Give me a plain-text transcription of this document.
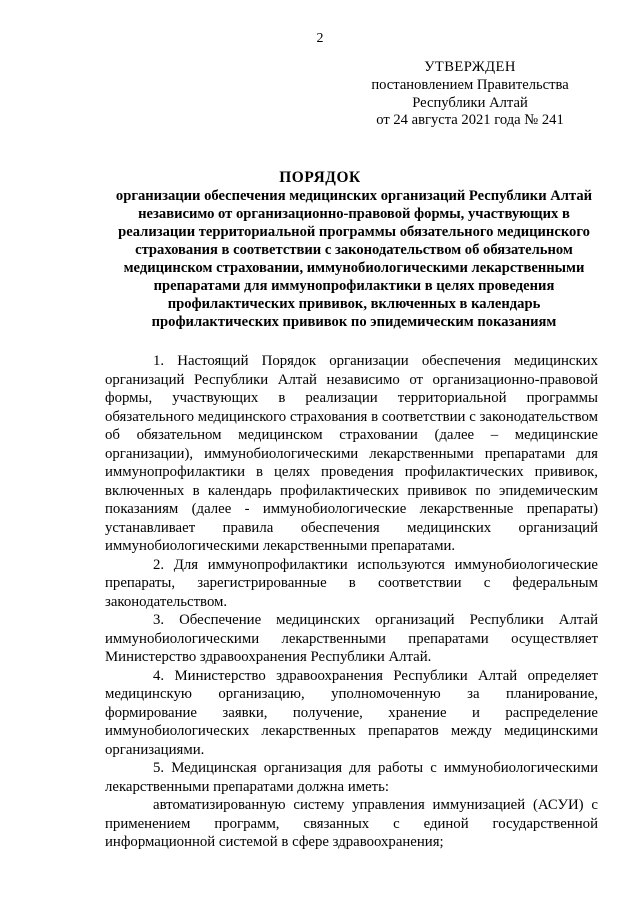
2
УТВЕРЖДЕН
постановлением Правительства
Республики Алтай
от 24 августа 2021 года № 241
ПОРЯДОК
организации обеспечения медицинских организаций Республики Алтай независимо от организационно-правовой формы, участвующих в реализации территориальной программы обязательного медицинского страхования в соответствии с законодательством об обязательном медицинском страховании, иммунобиологическими лекарственными препаратами для иммунопрофилактики в целях проведения профилактических прививок, включенных в календарь профилактических прививок по эпидемическим показаниям

1. Настоящий Порядок организации обеспечения медицинских организаций Республики Алтай независимо от организационно-правовой формы, участвующих в реализации территориальной программы обязательного медицинского страхования в соответствии с законодательством об обязательном медицинском страховании (далее – медицинские организации), иммунобиологическими лекарственными препаратами для иммунопрофилактики в целях проведения профилактических прививок, включенных в календарь профилактических прививок по эпидемическим показаниям (далее - иммунобиологические лекарственные препараты) устанавливает правила обеспечения медицинских организаций иммунобиологическими лекарственными препаратами.

2. Для иммунопрофилактики используются иммунобиологические препараты, зарегистрированные в соответствии с федеральным законодательством.

3. Обеспечение медицинских организаций Республики Алтай иммунобиологическими лекарственными препаратами осуществляет Министерство здравоохранения Республики Алтай.

4. Министерство здравоохранения Республики Алтай определяет медицинскую организацию, уполномоченную за планирование, формирование заявки, получение, хранение и распределение иммунобиологических лекарственных препаратов между медицинскими организациями.

5. Медицинская организация для работы с иммунобиологическими лекарственными препаратами должна иметь:

автоматизированную систему управления иммунизацией (АСУИ) с применением программ, связанных с единой государственной информационной системой в сфере здравоохранения;
